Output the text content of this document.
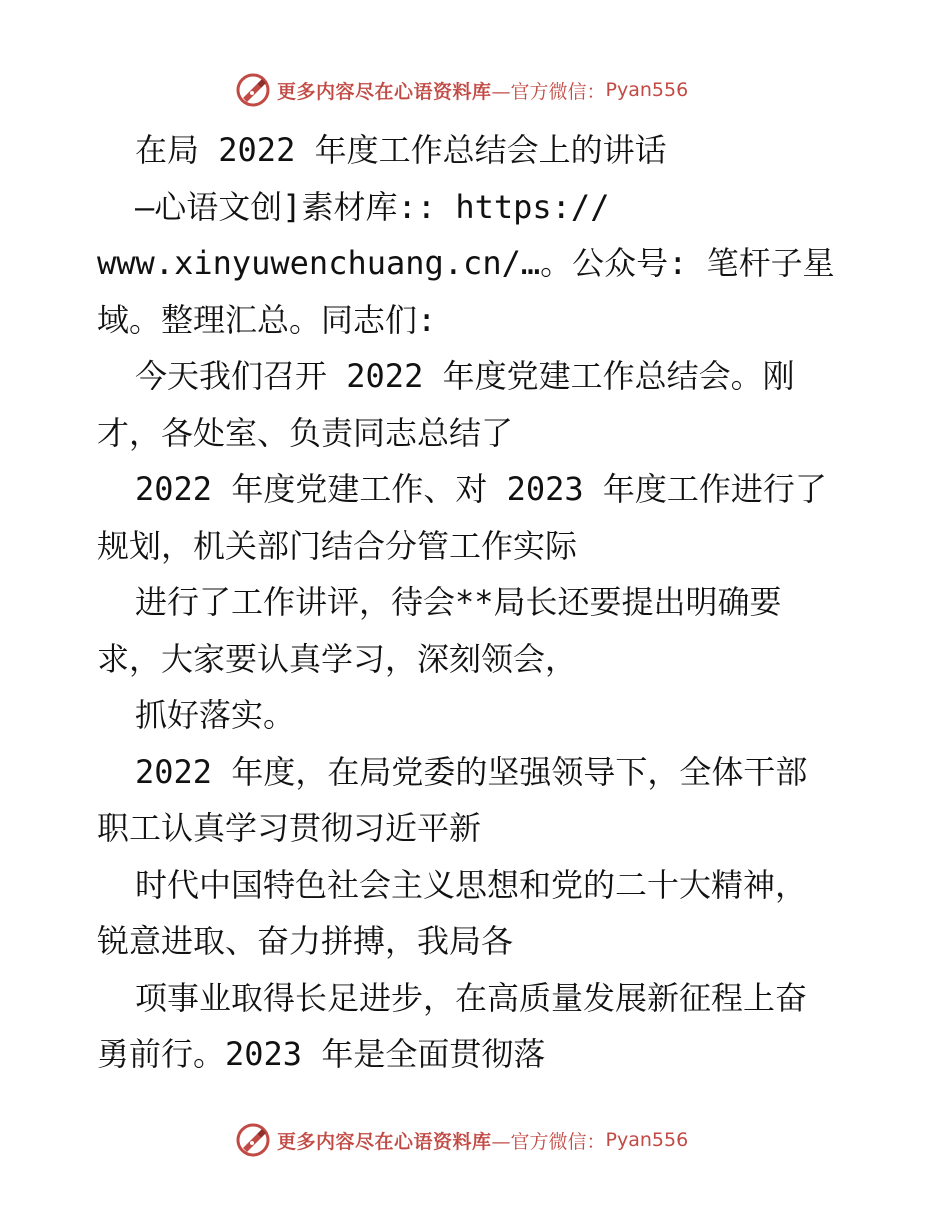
更多内容尽在心语资料库 —官方微信： Pyan556
在局 2022 年度工作总结会上的讲话
—心语文创]素材库:: https://
www.xinyuwenchuang.cn/…。公众号: 笔杆子星
域。整理汇总。同志们:
今天我们召开 2022 年度党建工作总结会。刚
才，各处室、负责同志总结了
2022 年度党建工作、对 2023 年度工作进行了
规划，机关部门结合分管工作实际
进行了工作讲评，待会**局长还要提出明确要
求，大家要认真学习，深刻领会，
抓好落实。
2022 年度，在局党委的坚强领导下，全体干部
职工认真学习贯彻习近平新
时代中国特色社会主义思想和党的二十大精神，
锐意进取、奋力拼搏，我局各
项事业取得长足进步，在高质量发展新征程上奋
勇前行。2023 年是全面贯彻落
更多内容尽在心语资料库 —官方微信： Pyan556
